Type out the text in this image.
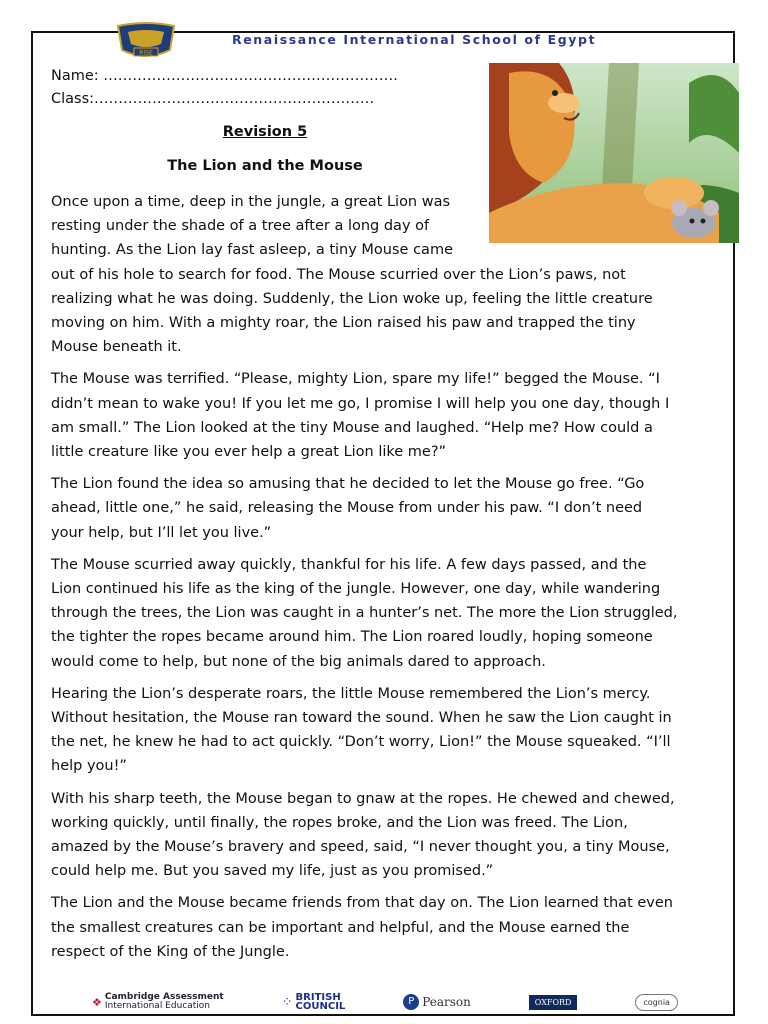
RISE
Renaissance International School of Egypt
Name: …………………………………………………….
Class:………………………………………………….
Revision 5
The Lion and the Mouse

Once upon a time, deep in the jungle, a great Lion was resting under the shade of a tree after a long day of hunting. As the Lion lay fast asleep, a tiny Mouse came out of his hole to search for food. The Mouse scurried over the Lion’s paws, not realizing what he was doing. Suddenly, the Lion woke up, feeling the little creature moving on him. With a mighty roar, the Lion raised his paw and trapped the tiny Mouse beneath it.

The Mouse was terrified. “Please, mighty Lion, spare my life!” begged the Mouse. “I didn’t mean to wake you! If you let me go, I promise I will help you one day, though I am small.” The Lion looked at the tiny Mouse and laughed. “Help me? How could a little creature like you ever help a great Lion like me?”

The Lion found the idea so amusing that he decided to let the Mouse go free. “Go ahead, little one,” he said, releasing the Mouse from under his paw. “I don’t need your help, but I’ll let you live.”

The Mouse scurried away quickly, thankful for his life. A few days passed, and the Lion continued his life as the king of the jungle. However, one day, while wandering through the trees, the Lion was caught in a hunter’s net. The more the Lion struggled, the tighter the ropes became around him. The Lion roared loudly, hoping someone would come to help, but none of the big animals dared to approach.

Hearing the Lion’s desperate roars, the little Mouse remembered the Lion’s mercy. Without hesitation, the Mouse ran toward the sound. When he saw the Lion caught in the net, he knew he had to act quickly. “Don’t worry, Lion!” the Mouse squeaked. “I’ll help you!”

With his sharp teeth, the Mouse began to gnaw at the ropes. He chewed and chewed, working quickly, until finally, the ropes broke, and the Lion was freed. The Lion, amazed by the Mouse’s bravery and speed, said, “I never thought you, a tiny Mouse, could help me. But you saved my life, just as you promised.”

The Lion and the Mouse became friends from that day on. The Lion learned that even the smallest creatures can be important and helpful, and the Mouse earned the respect of the King of the Jungle.

❖ Cambridge Assessment
International Education	⁘ BRITISH
COUNCIL	P Pearson	OXFORD	cognia
